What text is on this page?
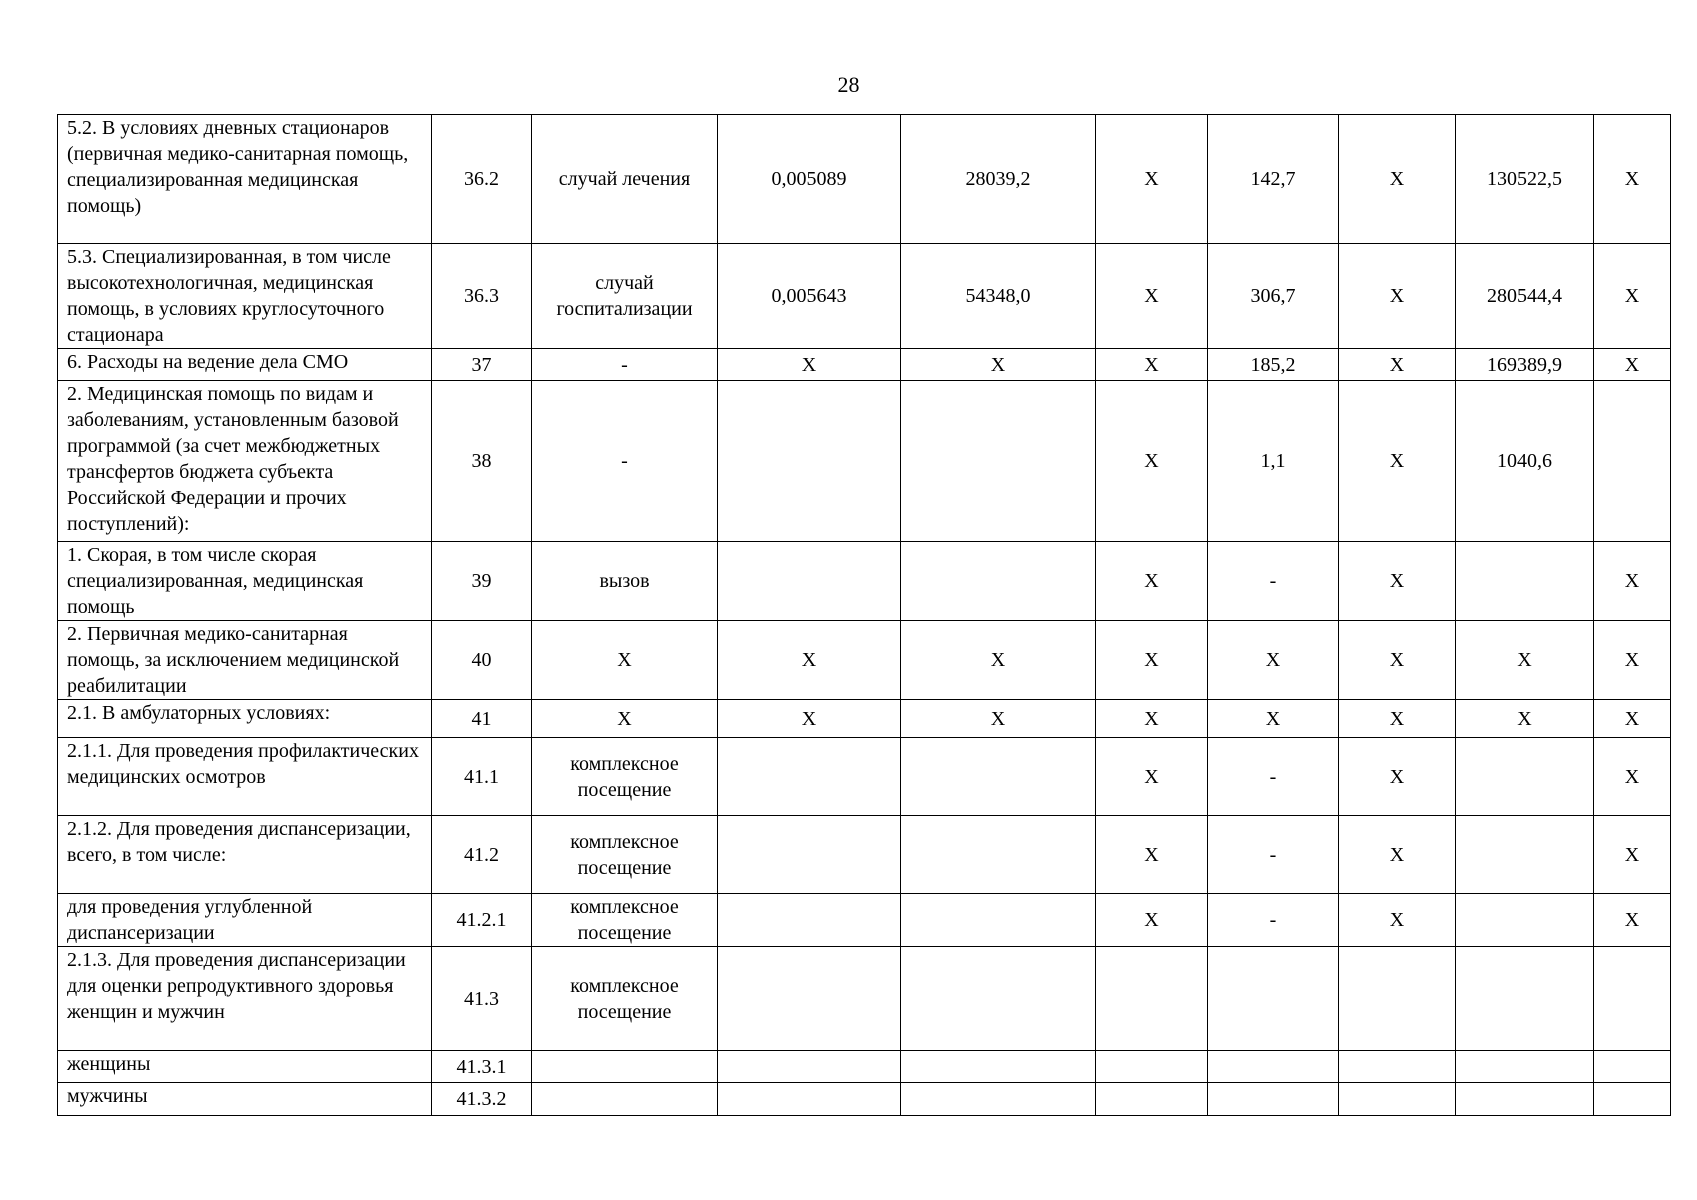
28
5.2. В условиях дневных стационаров (первичная медико-санитарная помощь, специализированная медицинская помощь)	36.2	случай лечения	0,005089	28039,2	Х	142,7	Х	130522,5	Х
5.3. Специализированная, в том числе высокотехнологичная, медицинская помощь, в условиях круглосуточного стационара	36.3	случай госпитализации	0,005643	54348,0	Х	306,7	Х	280544,4	Х
6. Расходы на ведение дела СМО	37	-	Х	Х	Х	185,2	Х	169389,9	Х
2. Медицинская помощь по видам и заболеваниям, установленным базовой программой (за счет межбюджетных трансфертов бюджета субъекта Российской Федерации и прочих поступлений):	38	-			Х	1,1	Х	1040,6	
1. Скорая, в том числе скорая специализированная, медицинская помощь	39	вызов			Х	-	Х		Х
2. Первичная медико-санитарная помощь, за исключением медицинской реабилитации	40	Х	Х	Х	Х	Х	Х	Х	Х
2.1. В амбулаторных условиях:	41	Х	Х	Х	Х	Х	Х	Х	Х
2.1.1. Для проведения профилактических медицинских осмотров	41.1	комплексное посещение			Х	-	Х		Х
2.1.2. Для проведения диспансеризации, всего, в том числе:	41.2	комплексное посещение			Х	-	Х		Х
для проведения углубленной диспансеризации	41.2.1	комплексное посещение			Х	-	Х		Х
2.1.3. Для проведения диспансеризации для оценки репродуктивного здоровья женщин и мужчин	41.3	комплексное посещение							
женщины	41.3.1								
мужчины	41.3.2								
